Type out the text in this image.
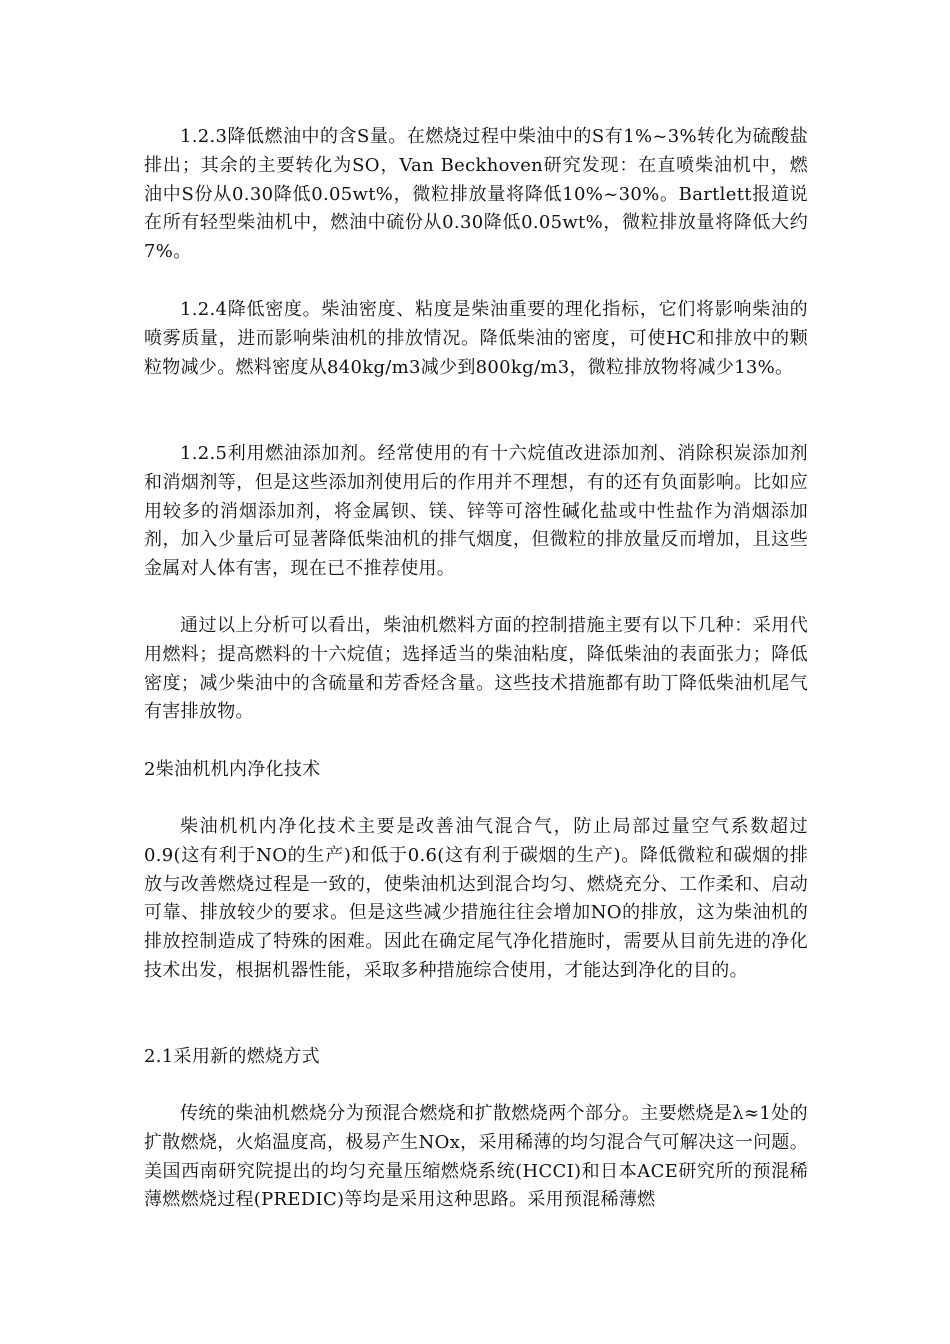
1.2.3降低燃油中的含S量。在燃烧过程中柴油中的S有1%~3%转化为硫酸盐排出；其余的主要转化为SO，Van Beckhoven研究发现：在直喷柴油机中，燃油中S份从0.30降低0.05wt%，微粒排放量将降低10%~30%。Bartlett报道说在所有轻型柴油机中，燃油中硫份从0.30降低0.05wt%，微粒排放量将降低大约7%。

1.2.4降低密度。柴油密度、粘度是柴油重要的理化指标，它们将影响柴油的喷雾质量，进而影响柴油机的排放情况。降低柴油的密度，可使HC和排放中的颗粒物减少。燃料密度从840kg/m3减少到800kg/m3，微粒排放物将减少13%。

1.2.5利用燃油添加剂。经常使用的有十六烷值改进添加剂、消除积炭添加剂和消烟剂等，但是这些添加剂使用后的作用并不理想，有的还有负面影响。比如应用较多的消烟添加剂，将金属钡、镁、锌等可溶性碱化盐或中性盐作为消烟添加剂，加入少量后可显著降低柴油机的排气烟度，但微粒的排放量反而增加，且这些金属对人体有害，现在已不推荐使用。

通过以上分析可以看出，柴油机燃料方面的控制措施主要有以下几种：采用代用燃料；提高燃料的十六烷值；选择适当的柴油粘度，降低柴油的表面张力；降低密度；减少柴油中的含硫量和芳香烃含量。这些技术措施都有助丁降低柴油机尾气有害排放物。

2柴油机机内净化技术

柴油机机内净化技术主要是改善油气混合气，防止局部过量空气系数超过0.9(这有利于NO的生产)和低于0.6(这有利于碳烟的生产)。降低微粒和碳烟的排放与改善燃烧过程是一致的，使柴油机达到混合均匀、燃烧充分、工作柔和、启动可靠、排放较少的要求。但是这些减少措施往往会增加NO的排放，这为柴油机的排放控制造成了特殊的困难。因此在确定尾气净化措施时，需要从目前先进的净化技术出发，根据机器性能，采取多种措施综合使用，才能达到净化的目的。

2.1采用新的燃烧方式

传统的柴油机燃烧分为预混合燃烧和扩散燃烧两个部分。主要燃烧是λ≈1处的扩散燃烧，火焰温度高，极易产生NOx，采用稀薄的均匀混合气可解决这一问题。美国西南研究院提出的均匀充量压缩燃烧系统(HCCI)和日本ACE研究所的预混稀薄燃燃烧过程(PREDIC)等均是采用这种思路。采用预混稀薄燃
